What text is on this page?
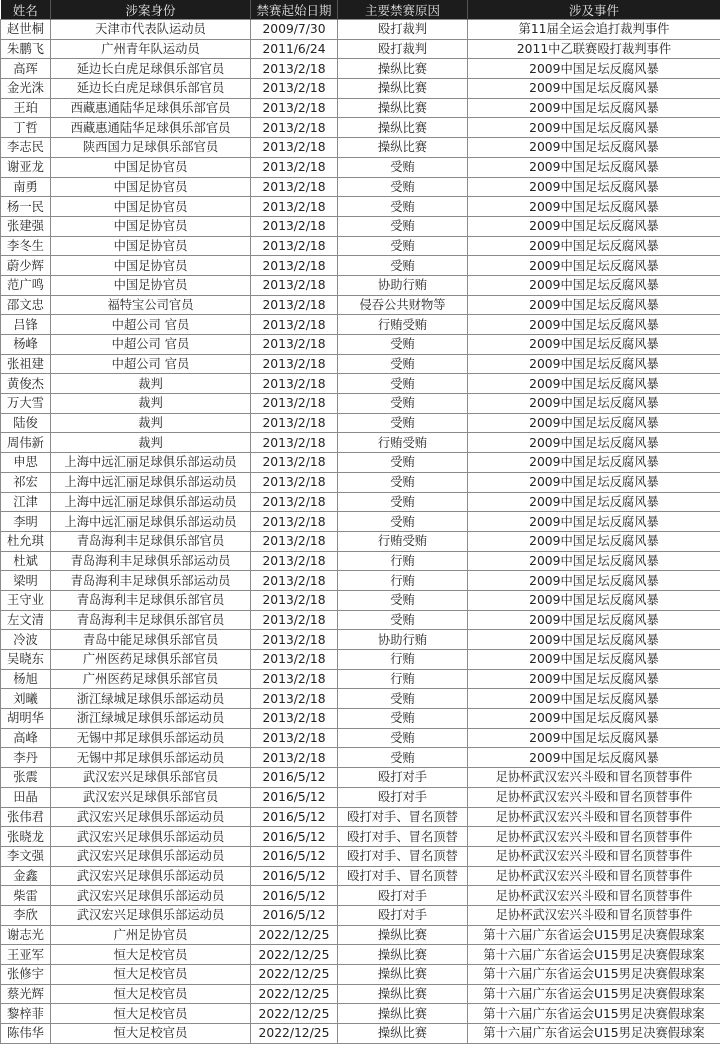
姓名	涉案身份	禁赛起始日期	主要禁赛原因	涉及事件
赵世桐	天津市代表队运动员	2009/7/30	殴打裁判	第11届全运会追打裁判事件
朱鹏飞	广州青年队运动员	2011/6/24	殴打裁判	2011中乙联赛殴打裁判事件
高珲	延边长白虎足球俱乐部官员	2013/2/18	操纵比赛	2009中国足坛反腐风暴
金光洙	延边长白虎足球俱乐部官员	2013/2/18	操纵比赛	2009中国足坛反腐风暴
王珀	西藏惠通陆华足球俱乐部官员	2013/2/18	操纵比赛	2009中国足坛反腐风暴
丁哲	西藏惠通陆华足球俱乐部官员	2013/2/18	操纵比赛	2009中国足坛反腐风暴
李志民	陕西国力足球俱乐部官员	2013/2/18	操纵比赛	2009中国足坛反腐风暴
谢亚龙	中国足协官员	2013/2/18	受贿	2009中国足坛反腐风暴
南勇	中国足协官员	2013/2/18	受贿	2009中国足坛反腐风暴
杨一民	中国足协官员	2013/2/18	受贿	2009中国足坛反腐风暴
张建强	中国足协官员	2013/2/18	受贿	2009中国足坛反腐风暴
李冬生	中国足协官员	2013/2/18	受贿	2009中国足坛反腐风暴
蔚少辉	中国足协官员	2013/2/18	受贿	2009中国足坛反腐风暴
范广鸣	中国足协官员	2013/2/18	协助行贿	2009中国足坛反腐风暴
邵文忠	福特宝公司官员	2013/2/18	侵吞公共财物等	2009中国足坛反腐风暴
吕锋	中超公司 官员	2013/2/18	行贿受贿	2009中国足坛反腐风暴
杨峰	中超公司 官员	2013/2/18	受贿	2009中国足坛反腐风暴
张祖建	中超公司 官员	2013/2/18	受贿	2009中国足坛反腐风暴
黄俊杰	裁判	2013/2/18	受贿	2009中国足坛反腐风暴
万大雪	裁判	2013/2/18	受贿	2009中国足坛反腐风暴
陆俊	裁判	2013/2/18	受贿	2009中国足坛反腐风暴
周伟新	裁判	2013/2/18	行贿受贿	2009中国足坛反腐风暴
申思	上海中远汇丽足球俱乐部运动员	2013/2/18	受贿	2009中国足坛反腐风暴
祁宏	上海中远汇丽足球俱乐部运动员	2013/2/18	受贿	2009中国足坛反腐风暴
江津	上海中远汇丽足球俱乐部运动员	2013/2/18	受贿	2009中国足坛反腐风暴
李明	上海中远汇丽足球俱乐部运动员	2013/2/18	受贿	2009中国足坛反腐风暴
杜允琪	青岛海利丰足球俱乐部官员	2013/2/18	行贿受贿	2009中国足坛反腐风暴
杜斌	青岛海利丰足球俱乐部运动员	2013/2/18	行贿	2009中国足坛反腐风暴
梁明	青岛海利丰足球俱乐部运动员	2013/2/18	行贿	2009中国足坛反腐风暴
王守业	青岛海利丰足球俱乐部官员	2013/2/18	受贿	2009中国足坛反腐风暴
左文清	青岛海利丰足球俱乐部官员	2013/2/18	受贿	2009中国足坛反腐风暴
冷波	青岛中能足球俱乐部官员	2013/2/18	协助行贿	2009中国足坛反腐风暴
吴晓东	广州医药足球俱乐部官员	2013/2/18	行贿	2009中国足坛反腐风暴
杨旭	广州医药足球俱乐部官员	2013/2/18	行贿	2009中国足坛反腐风暴
刘曦	浙江绿城足球俱乐部运动员	2013/2/18	受贿	2009中国足坛反腐风暴
胡明华	浙江绿城足球俱乐部运动员	2013/2/18	受贿	2009中国足坛反腐风暴
高峰	无锡中邦足球俱乐部运动员	2013/2/18	受贿	2009中国足坛反腐风暴
李丹	无锡中邦足球俱乐部运动员	2013/2/18	受贿	2009中国足坛反腐风暴
张震	武汉宏兴足球俱乐部官员	2016/5/12	殴打对手	足协杯武汉宏兴斗殴和冒名顶替事件
田晶	武汉宏兴足球俱乐部官员	2016/5/12	殴打对手	足协杯武汉宏兴斗殴和冒名顶替事件
张伟君	武汉宏兴足球俱乐部运动员	2016/5/12	殴打对手、冒名顶替	足协杯武汉宏兴斗殴和冒名顶替事件
张晓龙	武汉宏兴足球俱乐部运动员	2016/5/12	殴打对手、冒名顶替	足协杯武汉宏兴斗殴和冒名顶替事件
李文强	武汉宏兴足球俱乐部运动员	2016/5/12	殴打对手、冒名顶替	足协杯武汉宏兴斗殴和冒名顶替事件
金鑫	武汉宏兴足球俱乐部运动员	2016/5/12	殴打对手、冒名顶替	足协杯武汉宏兴斗殴和冒名顶替事件
柴雷	武汉宏兴足球俱乐部运动员	2016/5/12	殴打对手	足协杯武汉宏兴斗殴和冒名顶替事件
李欣	武汉宏兴足球俱乐部运动员	2016/5/12	殴打对手	足协杯武汉宏兴斗殴和冒名顶替事件
谢志光	广州足协官员	2022/12/25	操纵比赛	第十六届广东省运会U15男足决赛假球案
王亚军	恒大足校官员	2022/12/25	操纵比赛	第十六届广东省运会U15男足决赛假球案
张修宇	恒大足校官员	2022/12/25	操纵比赛	第十六届广东省运会U15男足决赛假球案
蔡光辉	恒大足校官员	2022/12/25	操纵比赛	第十六届广东省运会U15男足决赛假球案
黎梓菲	恒大足校官员	2022/12/25	操纵比赛	第十六届广东省运会U15男足决赛假球案
陈伟华	恒大足校官员	2022/12/25	操纵比赛	第十六届广东省运会U15男足决赛假球案
